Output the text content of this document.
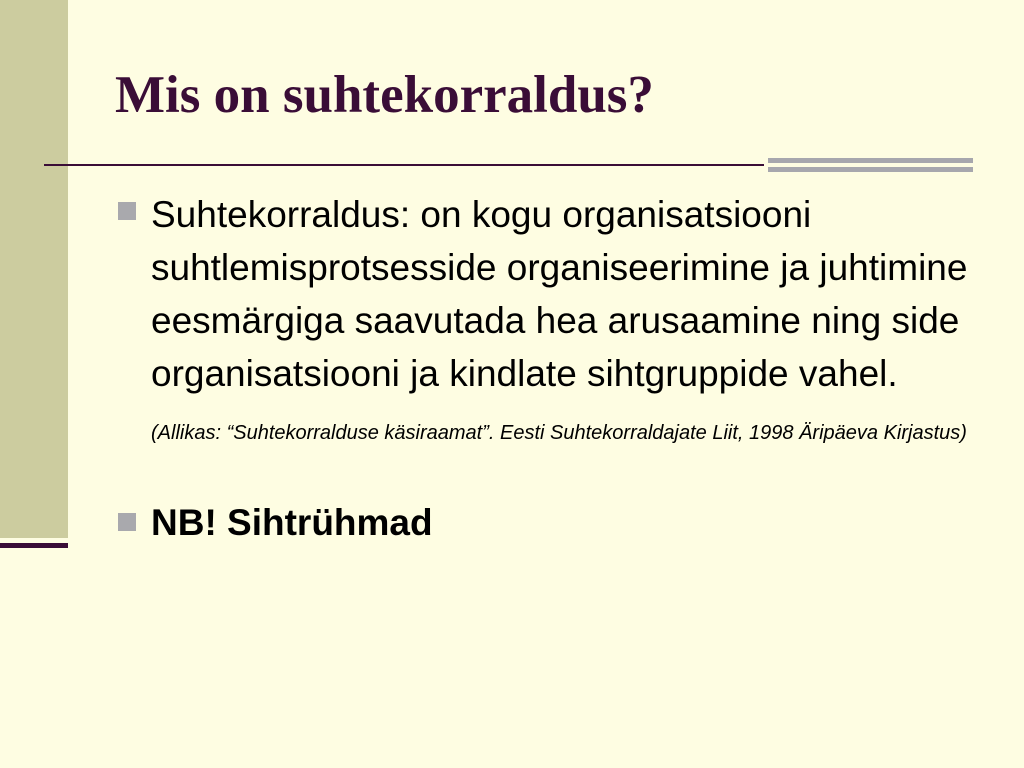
Mis on suhtekorraldus?
Suhtekorraldus: on kogu organisatsiooni suhtlemisprotsesside organiseerimine ja juhtimine eesmärgiga saavutada hea arusaamine ning side organisatsiooni ja kindlate sihtgruppide vahel. (Allikas: “Suhtekorralduse käsiraamat”. Eesti Suhtekorraldajate Liit, 1998 Äripäeva Kirjastus)
NB! Sihtrühmad
